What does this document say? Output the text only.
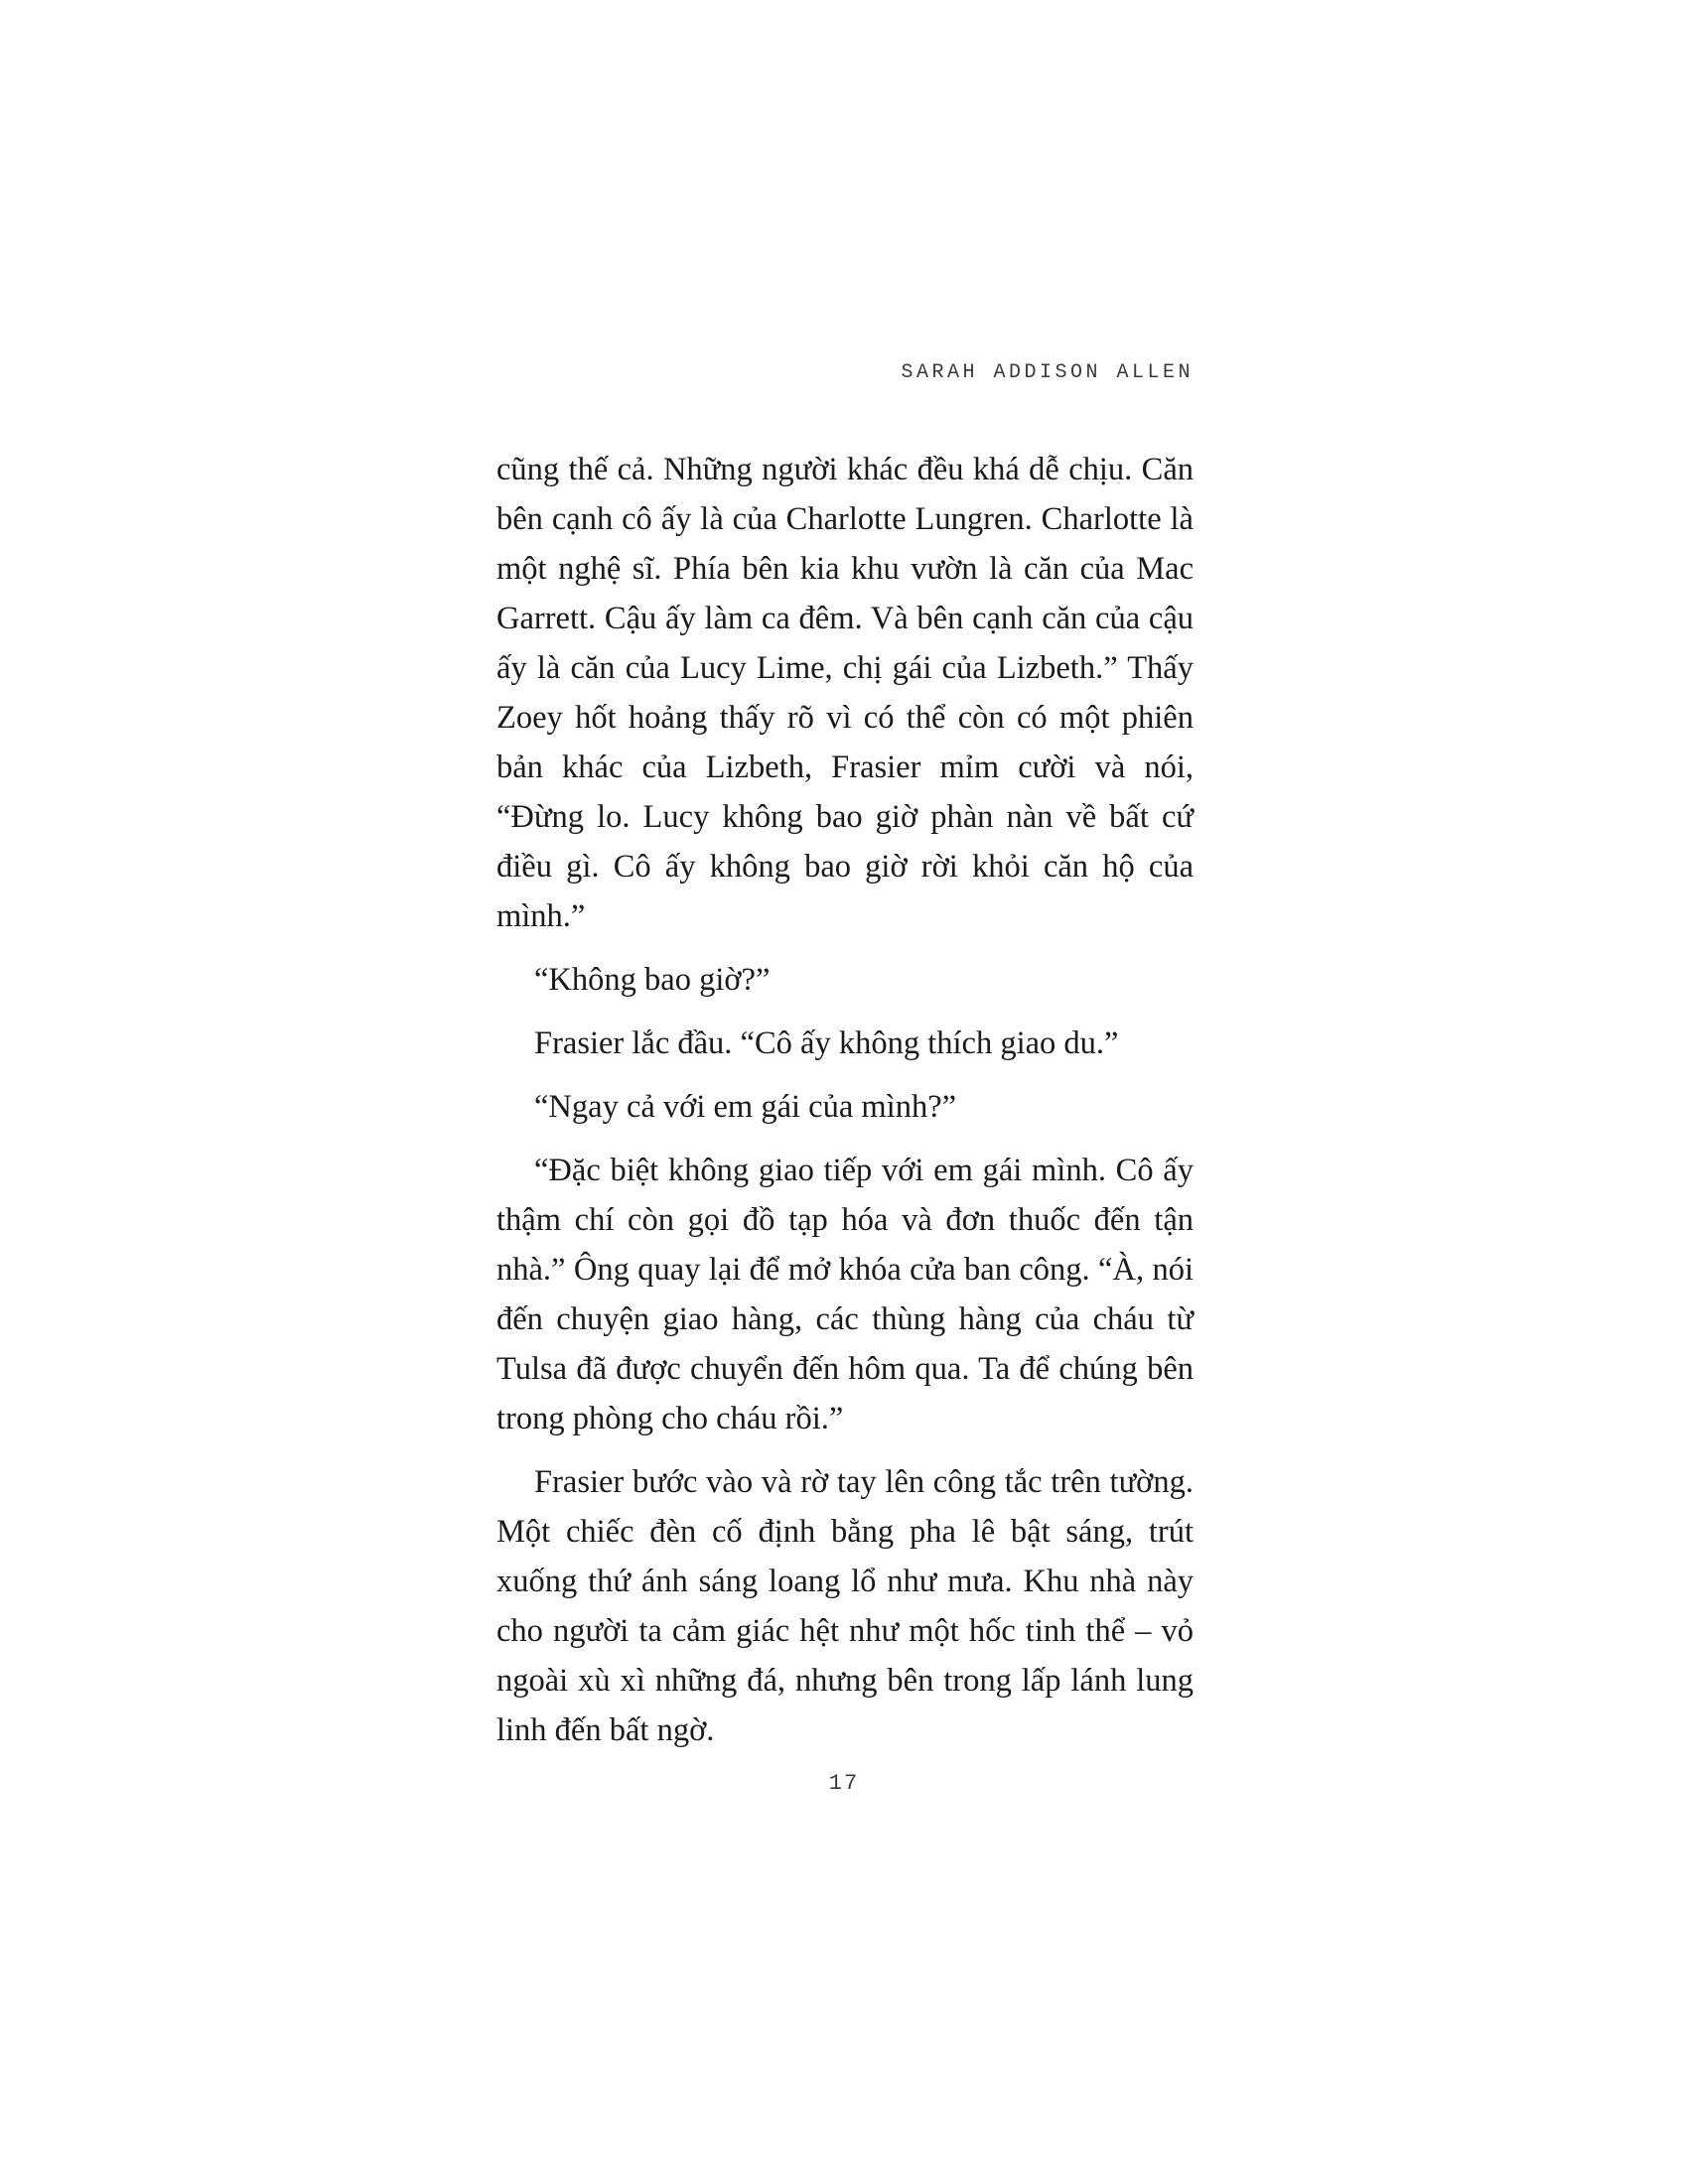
SARAH ADDISON ALLEN

cũng thế cả. Những người khác đều khá dễ chịu. Căn bên cạnh cô ấy là của Charlotte Lungren. Charlotte là một nghệ sĩ. Phía bên kia khu vườn là căn của Mac Garrett. Cậu ấy làm ca đêm. Và bên cạnh căn của cậu ấy là căn của Lucy Lime, chị gái của Lizbeth.” Thấy Zoey hốt hoảng thấy rõ vì có thể còn có một phiên bản khác của Lizbeth, Frasier mỉm cười và nói, “Đừng lo. Lucy không bao giờ phàn nàn về bất cứ điều gì. Cô ấy không bao giờ rời khỏi căn hộ của mình.”

“Không bao giờ?”

Frasier lắc đầu. “Cô ấy không thích giao du.”

“Ngay cả với em gái của mình?”

“Đặc biệt không giao tiếp với em gái mình. Cô ấy thậm chí còn gọi đồ tạp hóa và đơn thuốc đến tận nhà.” Ông quay lại để mở khóa cửa ban công. “À, nói đến chuyện giao hàng, các thùng hàng của cháu từ Tulsa đã được chuyển đến hôm qua. Ta để chúng bên trong phòng cho cháu rồi.”

Frasier bước vào và rờ tay lên công tắc trên tường. Một chiếc đèn cố định bằng pha lê bật sáng, trút xuống thứ ánh sáng loang lổ như mưa. Khu nhà này cho người ta cảm giác hệt như một hốc tinh thể – vỏ ngoài xù xì những đá, nhưng bên trong lấp lánh lung linh đến bất ngờ.

17
